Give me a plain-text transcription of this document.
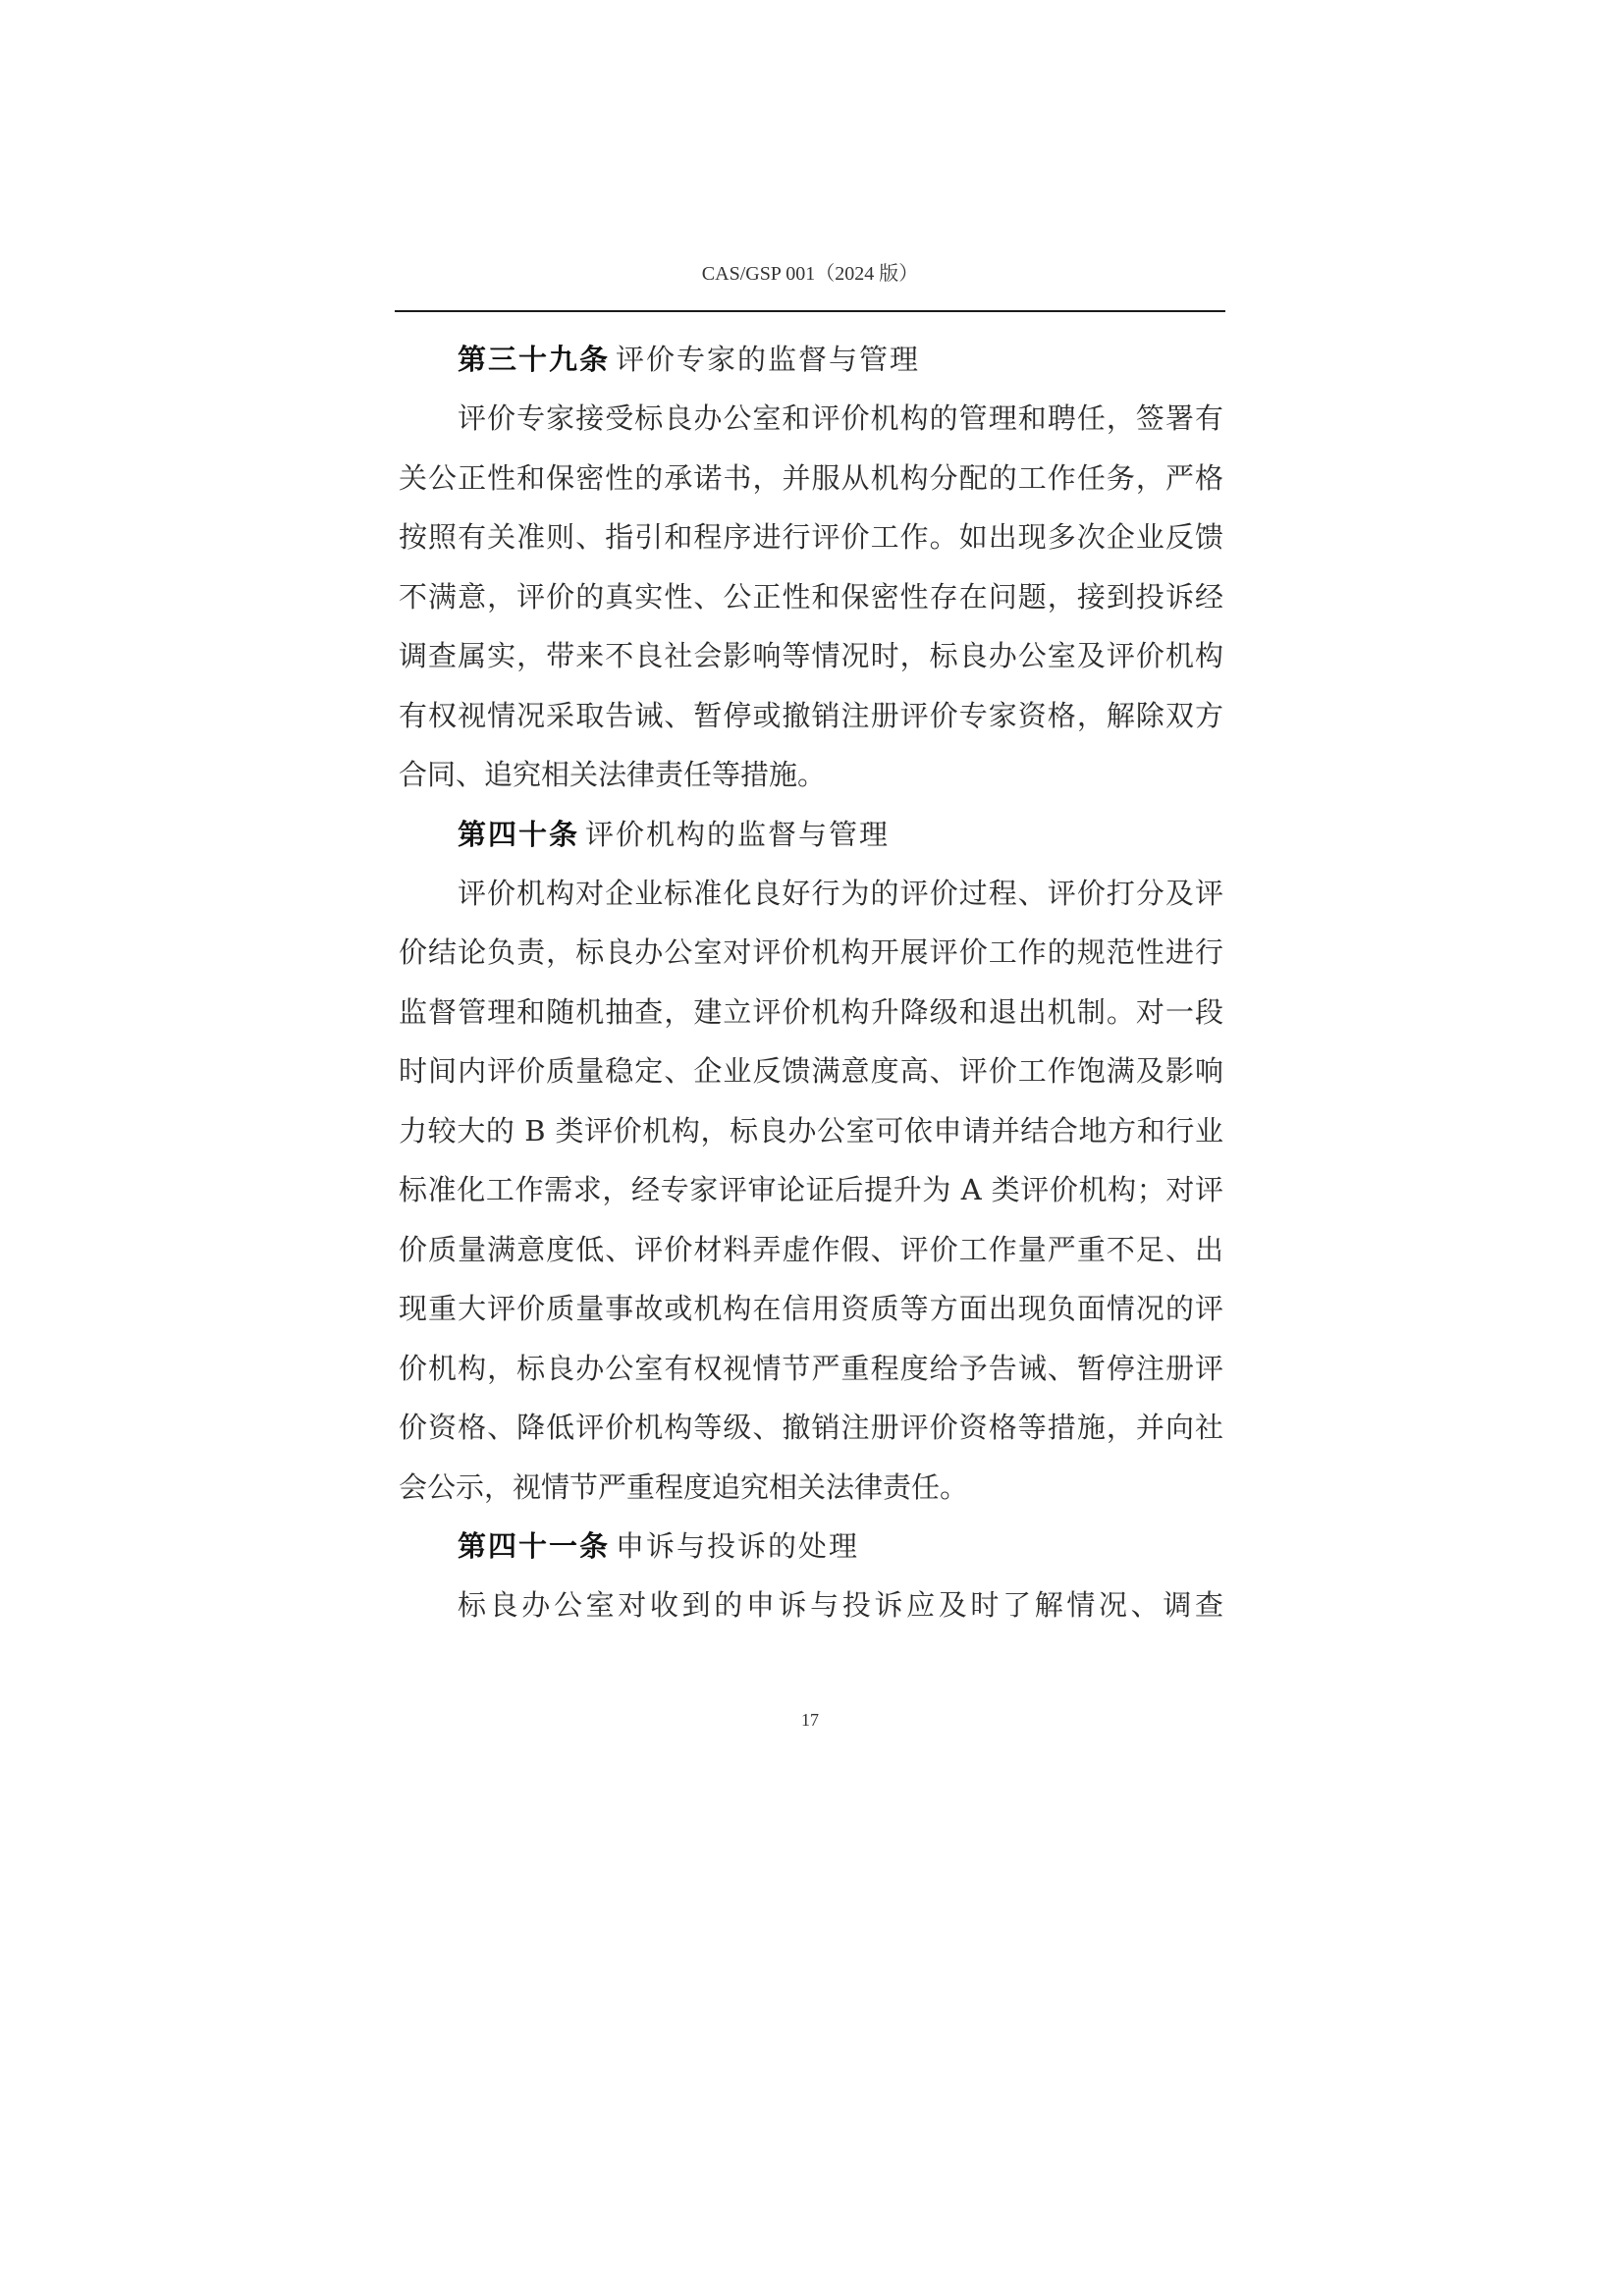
CAS/GSP 001（2024 版）
第三十九条 评价专家的监督与管理

评价专家接受标良办公室和评价机构的管理和聘任，签署有关公正性和保密性的承诺书，并服从机构分配的工作任务，严格按照有关准则、指引和程序进行评价工作。如出现多次企业反馈不满意，评价的真实性、公正性和保密性存在问题，接到投诉经调查属实，带来不良社会影响等情况时，标良办公室及评价机构有权视情况采取告诫、暂停或撤销注册评价专家资格，解除双方合同、追究相关法律责任等措施。

第四十条 评价机构的监督与管理

评价机构对企业标准化良好行为的评价过程、评价打分及评价结论负责，标良办公室对评价机构开展评价工作的规范性进行监督管理和随机抽查，建立评价机构升降级和退出机制。对一段时间内评价质量稳定、企业反馈满意度高、评价工作饱满及影响力较大的 B 类评价机构，标良办公室可依申请并结合地方和行业标准化工作需求，经专家评审论证后提升为 A 类评价机构；对评价质量满意度低、评价材料弄虚作假、评价工作量严重不足、出现重大评价质量事故或机构在信用资质等方面出现负面情况的评价机构，标良办公室有权视情节严重程度给予告诫、暂停注册评价资格、降低评价机构等级、撤销注册评价资格等措施，并向社会公示，视情节严重程度追究相关法律责任。

第四十一条 申诉与投诉的处理

标良办公室对收到的申诉与投诉应及时了解情况、调查

17
